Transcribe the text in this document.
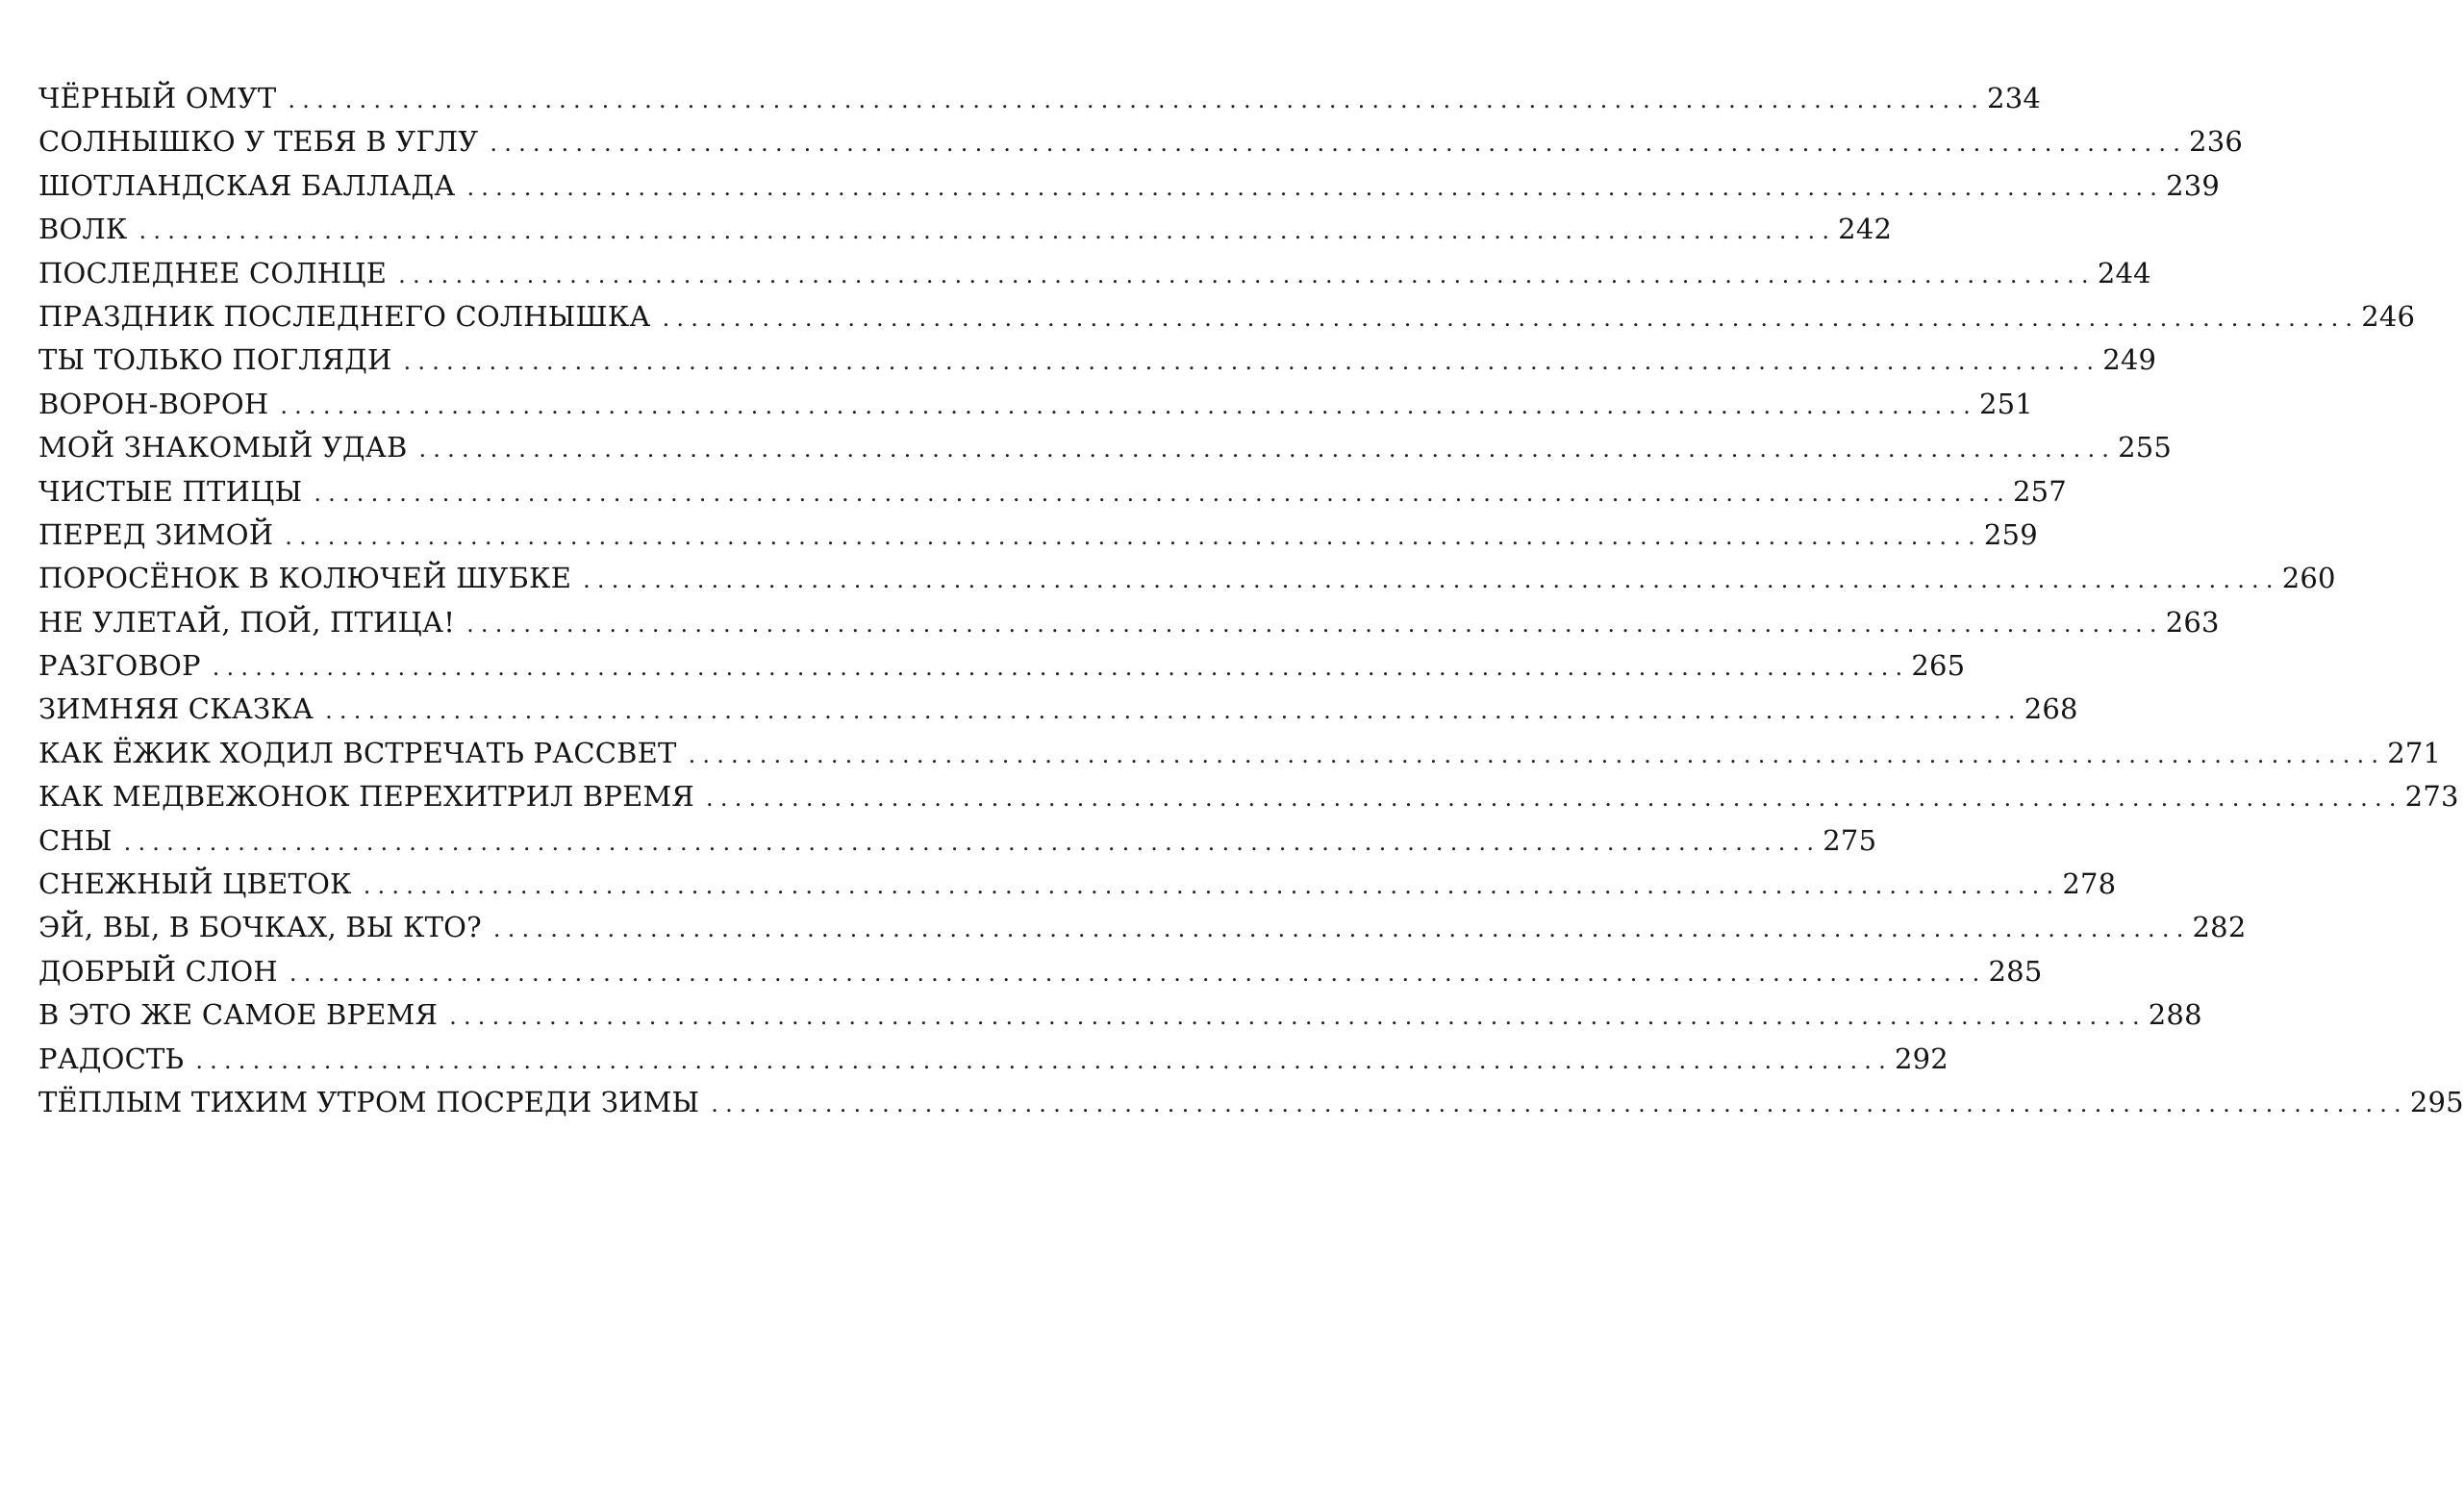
ЧЁРНЫЙ ОМУТ ....................................................................................................................... 234
СОЛНЫШКО У ТЕБЯ В УГЛУ ....................................................................................................................... 236
ШОТЛАНДСКАЯ БАЛЛАДА ....................................................................................................................... 239
ВОЛК ....................................................................................................................... 242
ПОСЛЕДНЕЕ СОЛНЦЕ ....................................................................................................................... 244
ПРАЗДНИК ПОСЛЕДНЕГО СОЛНЫШКА ....................................................................................................................... 246
ТЫ ТОЛЬКО ПОГЛЯДИ ....................................................................................................................... 249
ВОРОН-ВОРОН ....................................................................................................................... 251
МОЙ ЗНАКОМЫЙ УДАВ ....................................................................................................................... 255
ЧИСТЫЕ ПТИЦЫ ....................................................................................................................... 257
ПЕРЕД ЗИМОЙ ....................................................................................................................... 259
ПОРОСЁНОК В КОЛЮЧЕЙ ШУБКЕ ....................................................................................................................... 260
НЕ УЛЕТАЙ, ПОЙ, ПТИЦА! ....................................................................................................................... 263
РАЗГОВОР ....................................................................................................................... 265
ЗИМНЯЯ СКАЗКА ....................................................................................................................... 268
КАК ЁЖИК ХОДИЛ ВСТРЕЧАТЬ РАССВЕТ ....................................................................................................................... 271
КАК МЕДВЕЖОНОК ПЕРЕХИТРИЛ ВРЕМЯ ....................................................................................................................... 273
СНЫ ....................................................................................................................... 275
СНЕЖНЫЙ ЦВЕТОК ....................................................................................................................... 278
ЭЙ, ВЫ, В БОЧКАХ, ВЫ КТО? ....................................................................................................................... 282
ДОБРЫЙ СЛОН ....................................................................................................................... 285
В ЭТО ЖЕ САМОЕ ВРЕМЯ ....................................................................................................................... 288
РАДОСТЬ ....................................................................................................................... 292
ТЁПЛЫМ ТИХИМ УТРОМ ПОСРЕДИ ЗИМЫ ....................................................................................................................... 295
